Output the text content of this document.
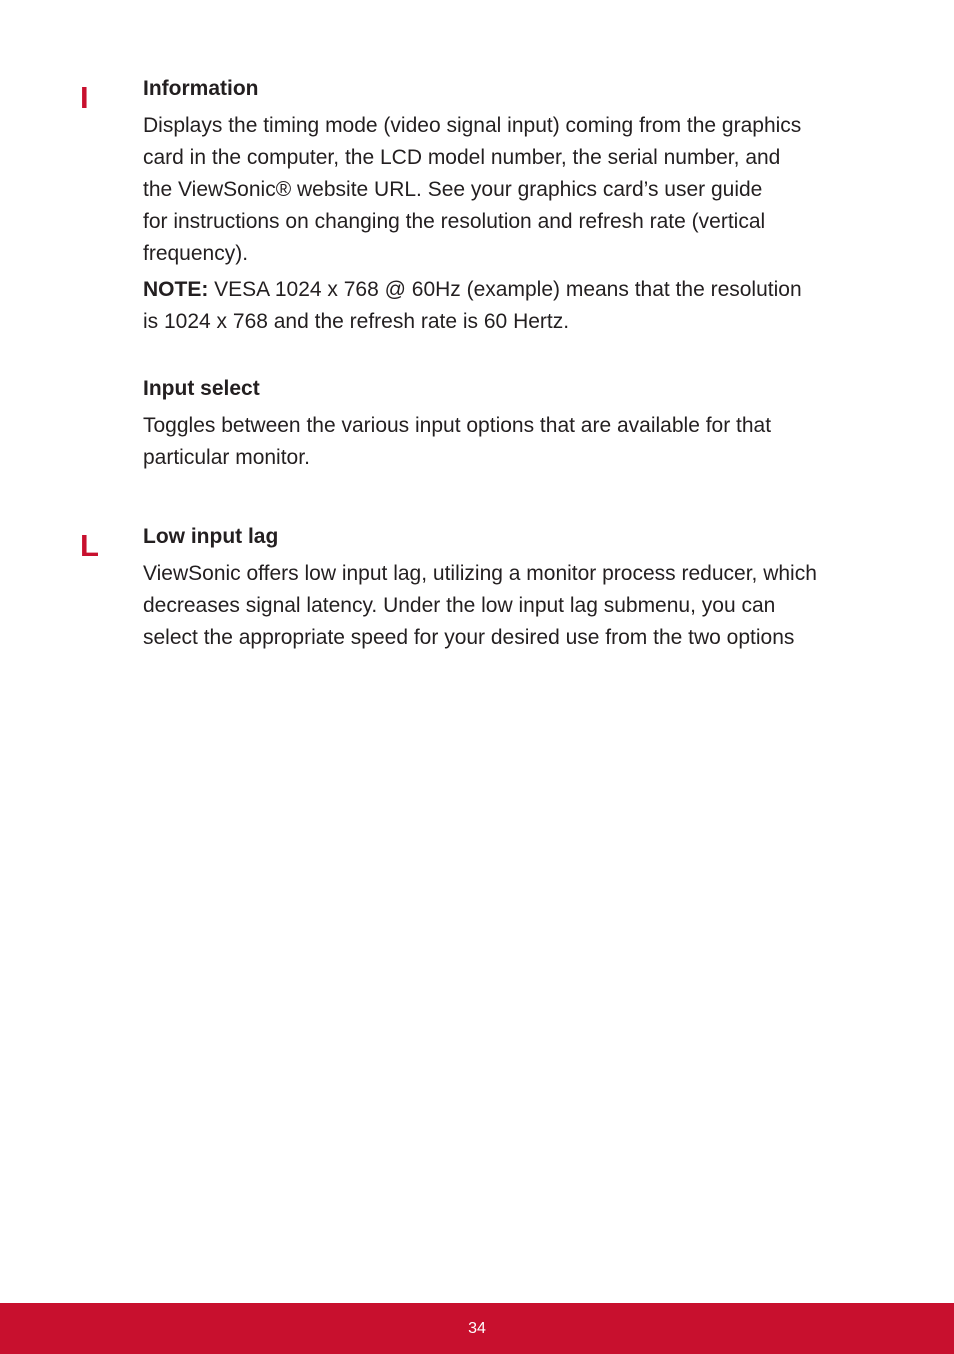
I	Information
Displays the timing mode (video signal input) coming from the graphics
card in the computer, the LCD model number, the serial number, and
the ViewSonic® website URL. See your graphics card’s user guide
for instructions on changing the resolution and refresh rate (vertical
frequency).
NOTE: VESA 1024 x 768 @ 60Hz (example) means that the resolution
is 1024 x 768 and the refresh rate is 60 Hertz.
Input select
Toggles between the various input options that are available for that
particular monitor.
L Low input lag
ViewSonic offers low input lag, utilizing a monitor process reducer, which
decreases signal latency. Under the low input lag submenu, you can
select the appropriate speed for your desired use from the two options
34
